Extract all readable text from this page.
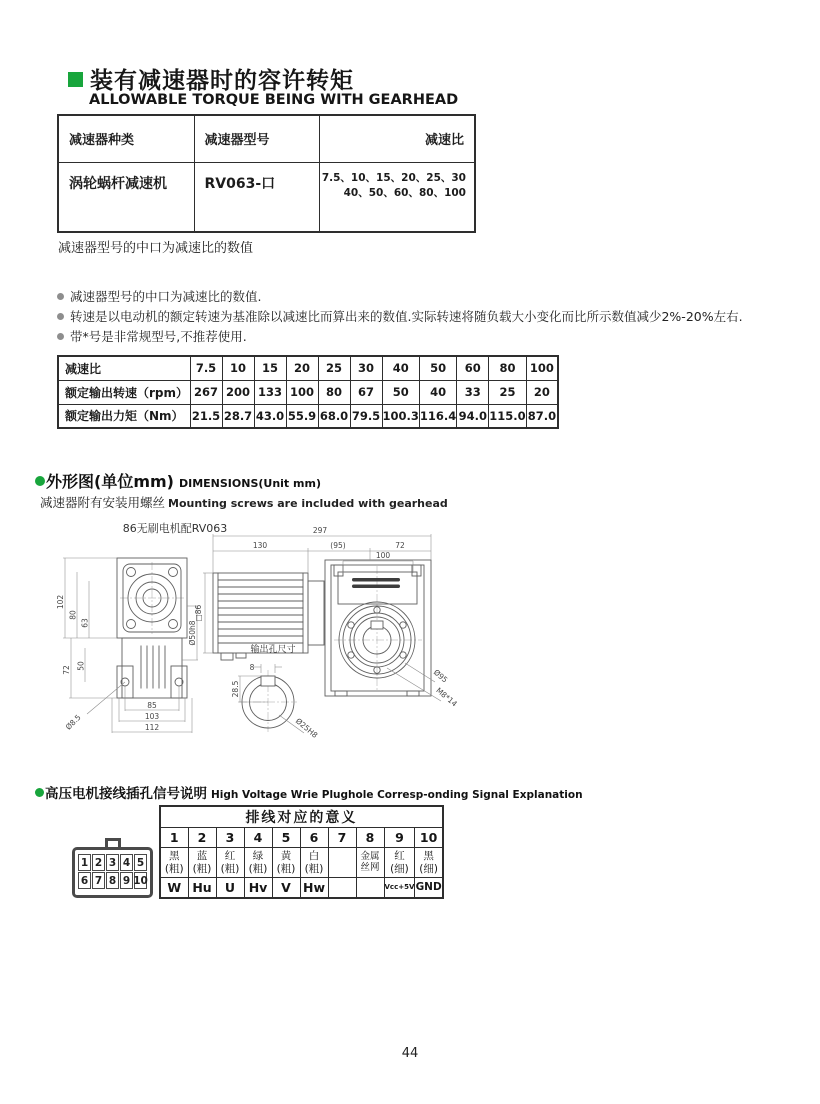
装有减速器时的容许转矩
ALLOWABLE TORQUE BEING WITH GEARHEAD
减速器种类	减速器型号	减速比
涡轮蜗杆减速机	RV063-口	7.5、10、15、20、25、30
40、50、60、80、100
减速器型号的中口为减速比的数值
减速器型号的中口为减速比的数值.
转速是以电动机的额定转速为基准除以减速比而算出来的数值.实际转速将随负载大小变化而比所示数值减少2%-20%左右.
带*号是非常规型号,不推荐使用.
减速比	7.5	10	15	20	25	30	40	50	60	80	100
额定输出转速（rpm）	267	200	133	100	80	67	50	40	33	25	20
额定输出力矩（Nm）	21.5	28.7	43.0	55.9	68.0	79.5	100.3	116.4	94.0	115.0	87.0
外形图(单位mm) DIMENSIONS(Unit mm)
减速器附有安装用螺丝 Mounting screws are included with gearhead
86无刷电机配RV063	297
130	(95)	72
100
□86
102
80
63
72 50
Ø8.5
85
103
112
Ø50h8
输出孔尺寸
8
28.5
Ø25H8
Ø95
M8*14
高压电机接线插孔信号说明 High Voltage Wrie Plughole Corresp-onding Signal Explanation
1 2 3 4 5
6 7 8 9 10
排线对应的意义									
1	2	3	4	5	6	7	8	9	10
黑(粗)	蓝(粗)	红(粗)	绿(粗)	黄(粗)	白(粗)		金属丝网	红(细)	黑(细)
W	Hu	U	Hv	V	Hw			Vcc+5V	GND
44
